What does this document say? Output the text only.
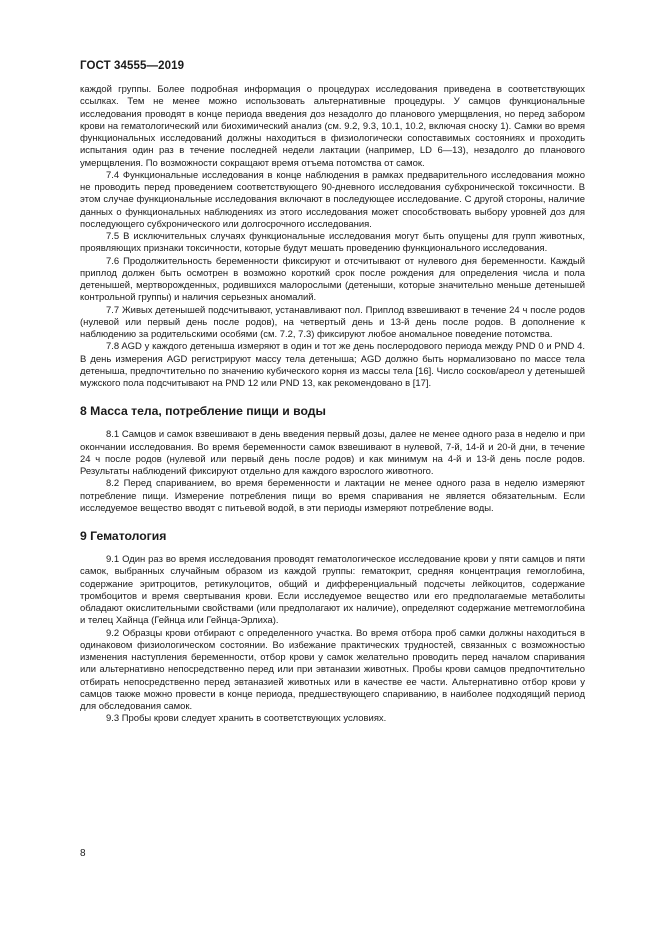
ГОСТ 34555—2019

каждой группы. Более подробная информация о процедурах исследования приведена в соответствующих ссылках. Тем не менее можно использовать альтернативные процедуры. У самцов функциональные исследования проводят в конце периода введения доз незадолго до планового умерщвления, но перед забором крови на гематологический или биохимический анализ (см. 9.2, 9.3, 10.1, 10.2, включая сноску 1). Самки во время функциональных исследований должны находиться в физиологически сопоставимых состояниях и проходить испытания один раз в течение последней недели лактации (например, LD 6—13), незадолго до планового умерщвления. По возможности сокращают время отъема потомства от самок.

7.4 Функциональные исследования в конце наблюдения в рамках предварительного исследования можно не проводить перед проведением соответствующего 90-дневного исследования субхронической токсичности. В этом случае функциональные исследования включают в последующее исследование. С другой стороны, наличие данных о функциональных наблюдениях из этого исследования может способствовать выбору уровней доз для последующего субхронического или долгосрочного исследования.

7.5 В исключительных случаях функциональные исследования могут быть опущены для групп животных, проявляющих признаки токсичности, которые будут мешать проведению функционального исследования.

7.6 Продолжительность беременности фиксируют и отсчитывают от нулевого дня беременности. Каждый приплод должен быть осмотрен в возможно короткий срок после рождения для определения числа и пола детенышей, мертворожденных, родившихся малорослыми (детеныши, которые значительно меньше детенышей контрольной группы) и наличия серьезных аномалий.

7.7 Живых детенышей подсчитывают, устанавливают пол. Приплод взвешивают в течение 24 ч после родов (нулевой или первый день после родов), на четвертый день и 13-й день после родов. В дополнение к наблюдению за родительскими особями (см. 7.2, 7.3) фиксируют любое аномальное поведение потомства.

7.8 AGD у каждого детеныша измеряют в один и тот же день послеродового периода между PND 0 и PND 4. В день измерения AGD регистрируют массу тела детеныша; AGD должно быть нормализовано по массе тела детеныша, предпочтительно по значению кубического корня из массы тела [16]. Число сосков/ареол у детенышей мужского пола подсчитывают на PND 12 или PND 13, как рекомендовано в [17].

8 Масса тела, потребление пищи и воды

8.1 Самцов и самок взвешивают в день введения первый дозы, далее не менее одного раза в неделю и при окончании исследования. Во время беременности самок взвешивают в нулевой, 7-й, 14-й и 20-й дни, в течение 24 ч после родов (нулевой или первый день после родов) и как минимум на 4-й и 13-й день после родов. Результаты наблюдений фиксируют отдельно для каждого взрослого животного.

8.2 Перед спариванием, во время беременности и лактации не менее одного раза в неделю измеряют потребление пищи. Измерение потребления пищи во время спаривания не является обязательным. Если исследуемое вещество вводят с питьевой водой, в эти периоды измеряют потребление воды.

9 Гематология

9.1 Один раз во время исследования проводят гематологическое исследование крови у пяти самцов и пяти самок, выбранных случайным образом из каждой группы: гематокрит, средняя концентрация гемоглобина, содержание эритроцитов, ретикулоцитов, общий и дифференциальный подсчеты лейкоцитов, содержание тромбоцитов и время свертывания крови. Если исследуемое вещество или его предполагаемые метаболиты обладают окислительными свойствами (или предполагают их наличие), определяют содержание метгемоглобина и телец Хайнца (Гейнца или Гейнца-Эрлиха).

9.2 Образцы крови отбирают с определенного участка. Во время отбора проб самки должны находиться в одинаковом физиологическом состоянии. Во избежание практических трудностей, связанных с возможностью изменения наступления беременности, отбор крови у самок желательно проводить перед началом спаривания или альтернативно непосредственно перед или при эвтаназии животных. Пробы крови самцов предпочтительно отбирать непосредственно перед эвтаназией животных или в качестве ее части. Альтернативно отбор крови у самцов также можно провести в конце периода, предшествующего спариванию, в наиболее подходящий период для обследования самок.

9.3 Пробы крови следует хранить в соответствующих условиях.

8
